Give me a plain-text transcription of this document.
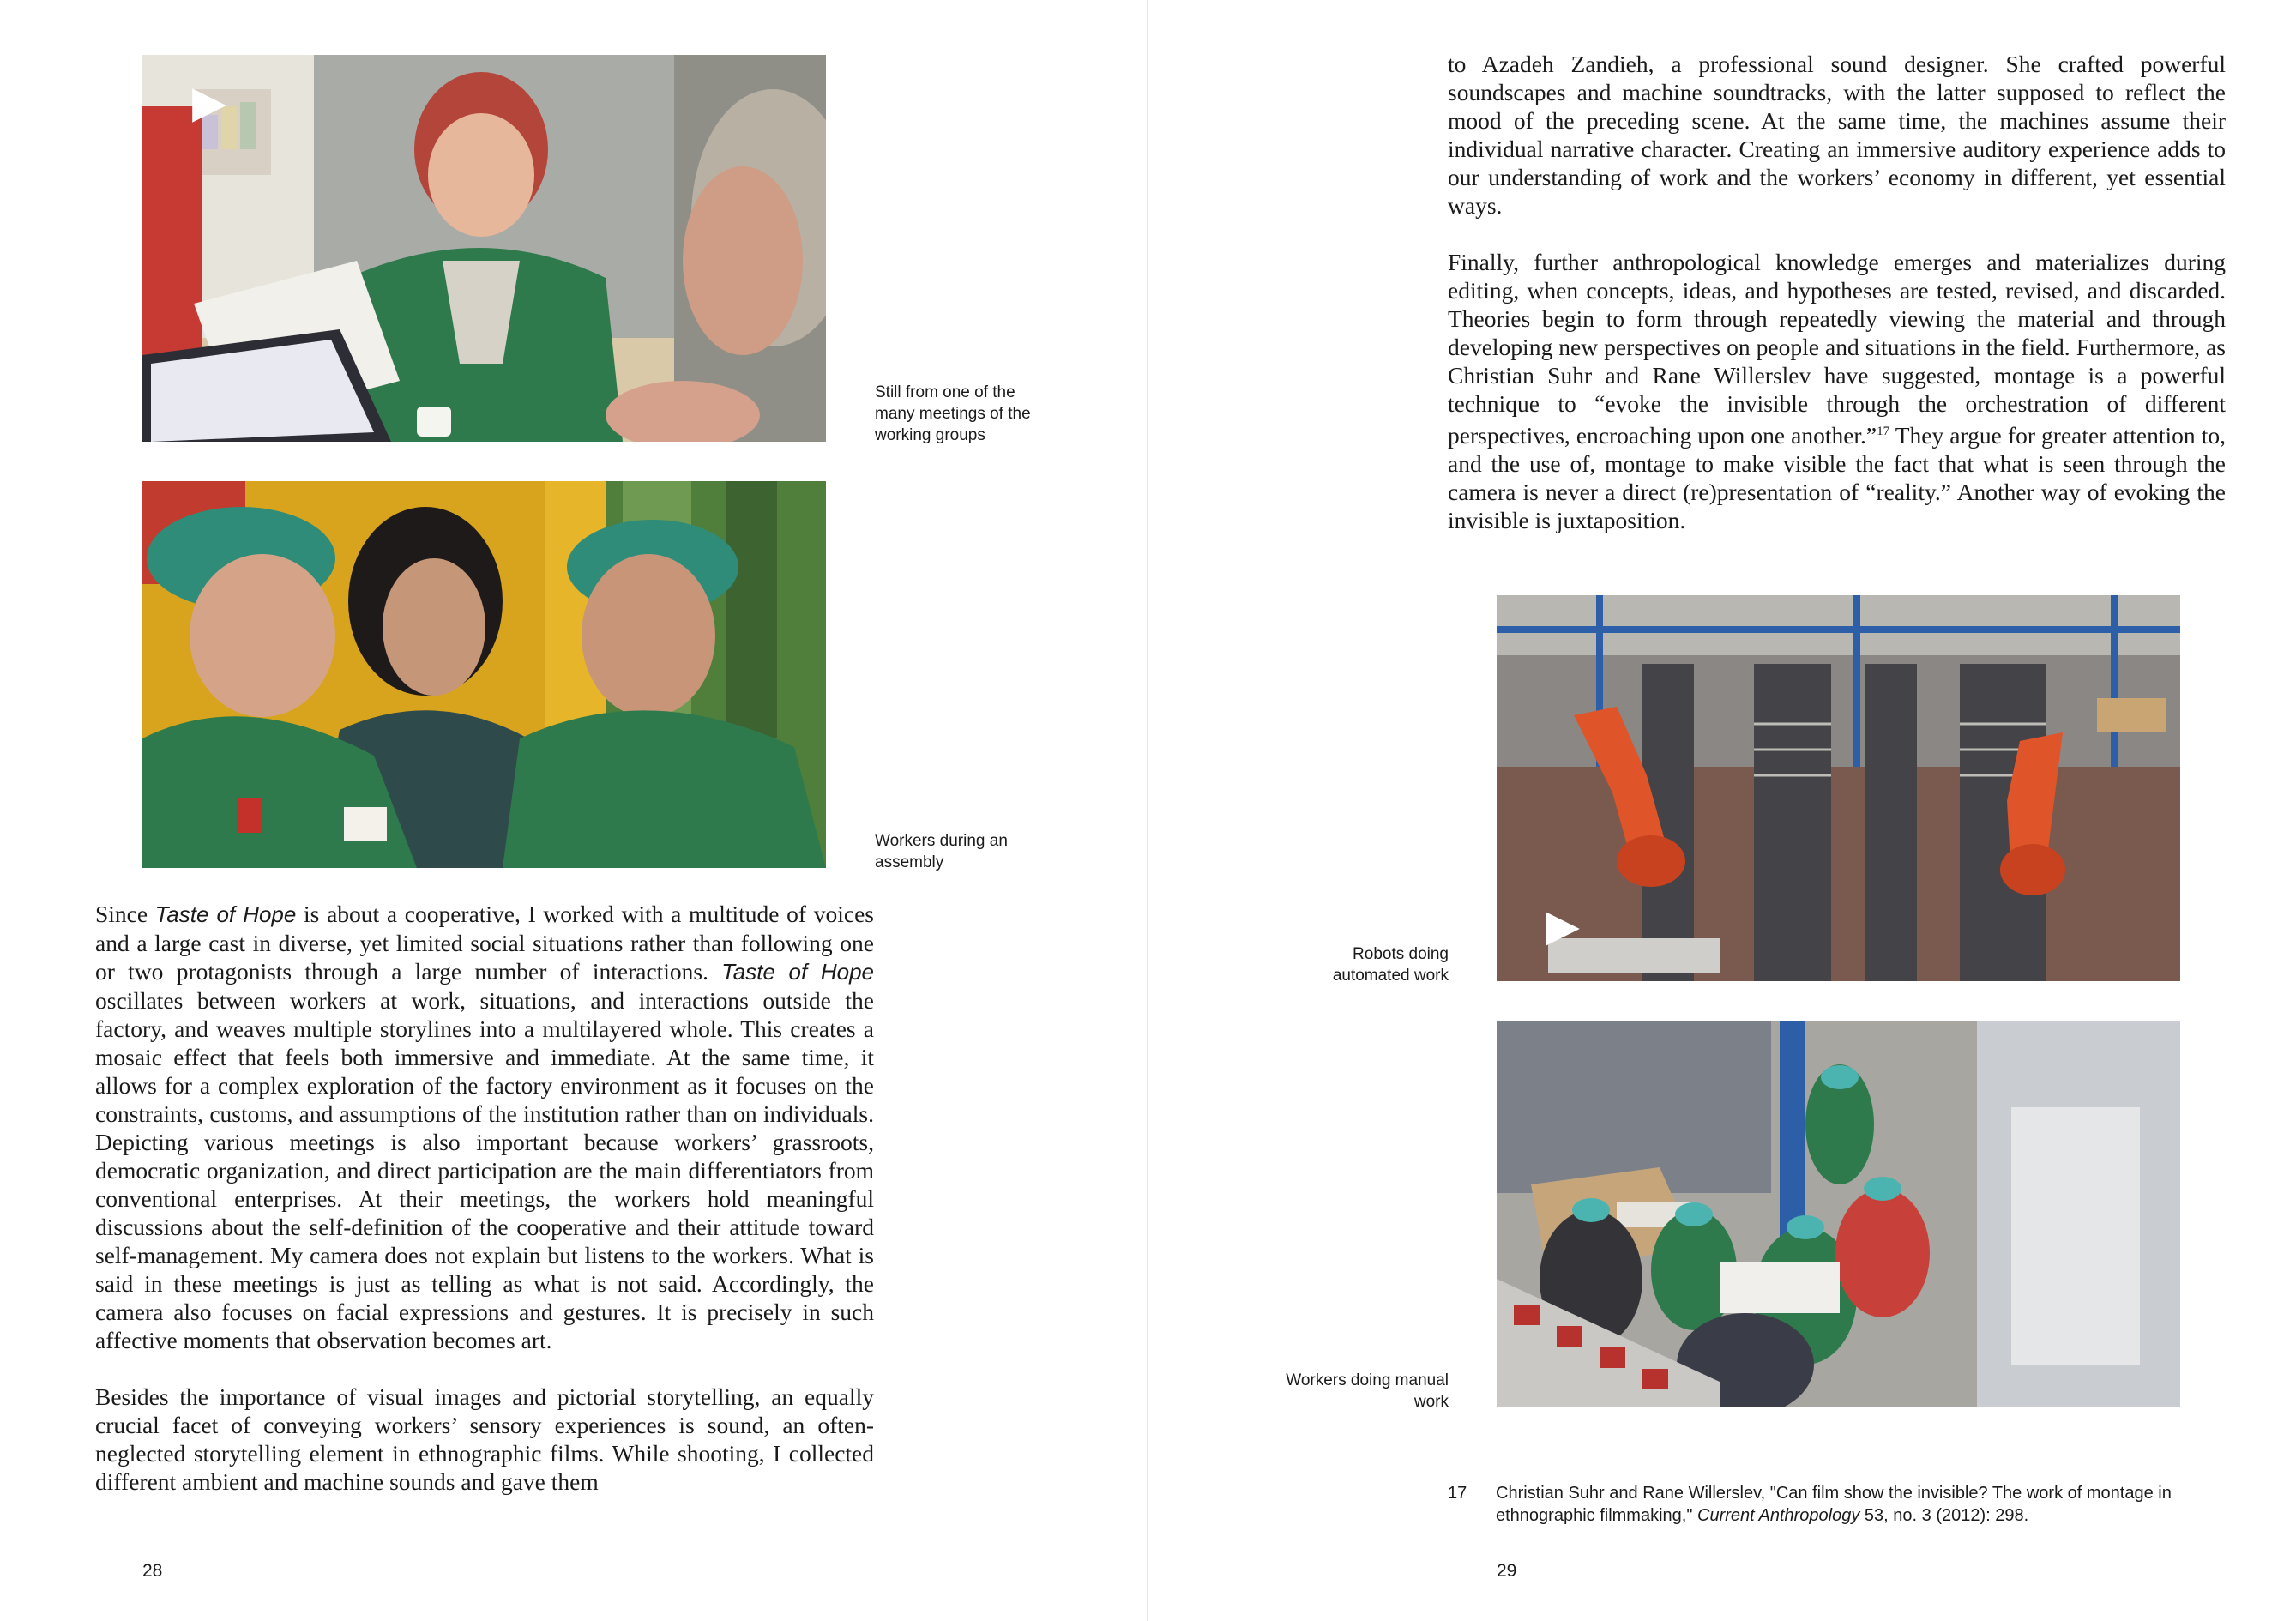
Still from one of the many meetings of the working groups
Workers during an assembly

Since Taste of Hope is about a cooperative, I worked with a multitude of voices and a large cast in diverse, yet limited social situations rather than following one or two protagonists through a large number of interactions. Taste of Hope oscillates between workers at work, situations, and interactions outside the factory, and weaves multiple storylines into a multilayered whole. This creates a mosaic effect that feels both immersive and immediate. At the same time, it allows for a complex exploration of the factory environment as it focuses on the constraints, customs, and assumptions of the institution rather than on individuals. Depicting various meetings is also important because workers’ grassroots, democratic organization, and direct participation are the main differentiators from conventional enterprises. At their meetings, the workers hold meaningful discussions about the self-definition of the cooperative and their attitude toward self-management. My camera does not explain but listens to the workers. What is said in these meetings is just as telling as what is not said. Accordingly, the camera also focuses on facial expressions and gestures. It is precisely in such affective moments that observation becomes art.

Besides the importance of visual images and pictorial storytelling, an equally crucial facet of conveying workers’ sensory experiences is sound, an often-neglected storytelling element in ethnographic films. While shooting, I collected different ambient and machine sounds and gave them

28

to Azadeh Zandieh, a professional sound designer. She crafted powerful soundscapes and machine soundtracks, with the latter supposed to reflect the mood of the preceding scene. At the same time, the machines assume their individual narrative character. Creating an immersive auditory experience adds to our understanding of work and the workers’ economy in different, yet essential ways.

Finally, further anthropological knowledge emerges and materializes during editing, when concepts, ideas, and hypotheses are tested, revised, and discarded. Theories begin to form through repeatedly viewing the material and through developing new perspectives on people and situations in the field. Furthermore, as Christian Suhr and Rane Willerslev have suggested, montage is a powerful technique to “evoke the invisible through the orchestration of different perspectives, encroaching upon one another.”$^{17}$ They argue for greater attention to, and the use of, montage to make visible the fact that what is seen through the camera is never a direct (re)presentation of “reality.” Another way of evoking the invisible is juxtaposition.

Robots doing automated work
Workers doing manual work
17 Christian Suhr and Rane Willerslev, "Can film show the invisible? The work of montage in ethnographic filmmaking," Current Anthropology 53, no. 3 (2012): 298.
29
